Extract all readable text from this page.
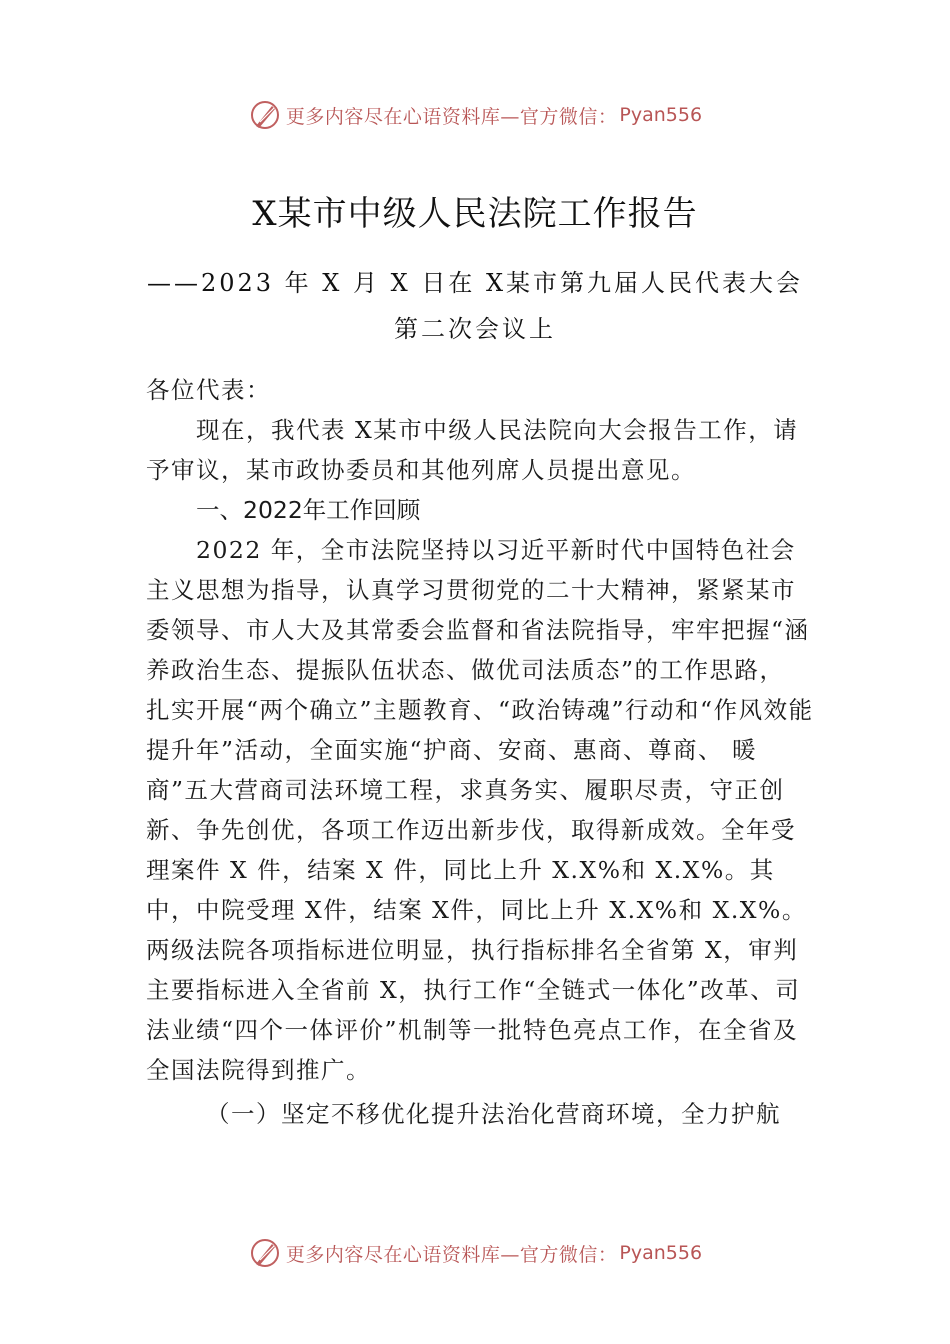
更多内容尽在心语资料库—官方微信： Pyan556
X某市中级人民法院工作报告
——2023 年 X 月 X 日在 X某市第九届人民代表大会第二次会议上

各位代表：

现在，我代表 X某市中级人民法院向大会报告工作，请予审议，某市政协委员和其他列席人员提出意见。

一、2022年工作回顾

2022 年，全市法院坚持以习近平新时代中国特色社会主义思想为指导，认真学习贯彻党的二十大精神，紧紧某市委领导、市人大及其常委会监督和省法院指导，牢牢把握“涵养政治生态、提振队伍状态、做优司法质态”的工作思路， 扎实开展“两个确立”主题教育、“政治铸魂”行动和“作风效能提升年”活动，全面实施“护商、安商、惠商、尊商、 暖商”五大营商司法环境工程，求真务实、履职尽责，守正创新、争先创优，各项工作迈出新步伐，取得新成效。全年受理案件 X 件，结案 X 件，同比上升 X.X%和 X.X%。其中，中院受理 X件，结案 X件，同比上升 X.X%和 X.X%。两级法院各项指标进位明显，执行指标排名全省第 X，审判主要指标进入全省前 X，执行工作“全链式一体化”改革、司法业绩“四个一体评价”机制等一批特色亮点工作，在全省及全国法院得到推广。

（一）坚定不移优化提升法治化营商环境，全力护航

更多内容尽在心语资料库—官方微信： Pyan556
